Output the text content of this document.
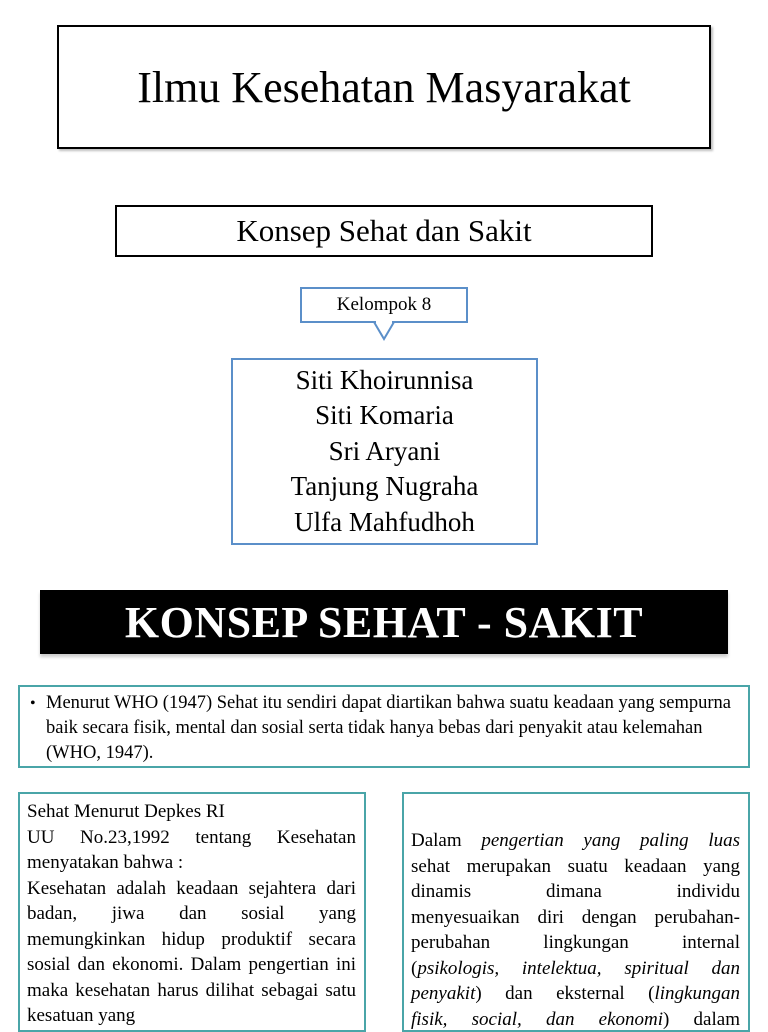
Ilmu Kesehatan Masyarakat
Konsep Sehat dan Sakit
Kelompok 8
Siti Khoirunnisa
Siti Komaria
Sri Aryani
Tanjung Nugraha
Ulfa Mahfudhoh
KONSEP SEHAT - SAKIT
• Menurut WHO (1947) Sehat itu sendiri dapat diartikan bahwa suatu keadaan yang sempurna baik secara fisik, mental dan sosial serta tidak hanya bebas dari penyakit atau kelemahan (WHO, 1947).

Sehat Menurut Depkes RI

UU No.23,1992 tentang Kesehatan menyatakan bahwa :

Kesehatan adalah keadaan sejahtera dari badan, jiwa dan sosial yang memungkinkan hidup produktif secara sosial dan ekonomi. Dalam pengertian ini maka kesehatan harus dilihat sebagai satu kesatuan yang

Dalam pengertian yang paling luas
sehat merupakan suatu keadaan yang
dinamis dimana individu
menyesuaikan diri dengan perubahan-
perubahan lingkungan internal
(psikologis, intelektua, spiritual dan
penyakit) dan eksternal (lingkungan
fisik, social, dan ekonomi) dalam
